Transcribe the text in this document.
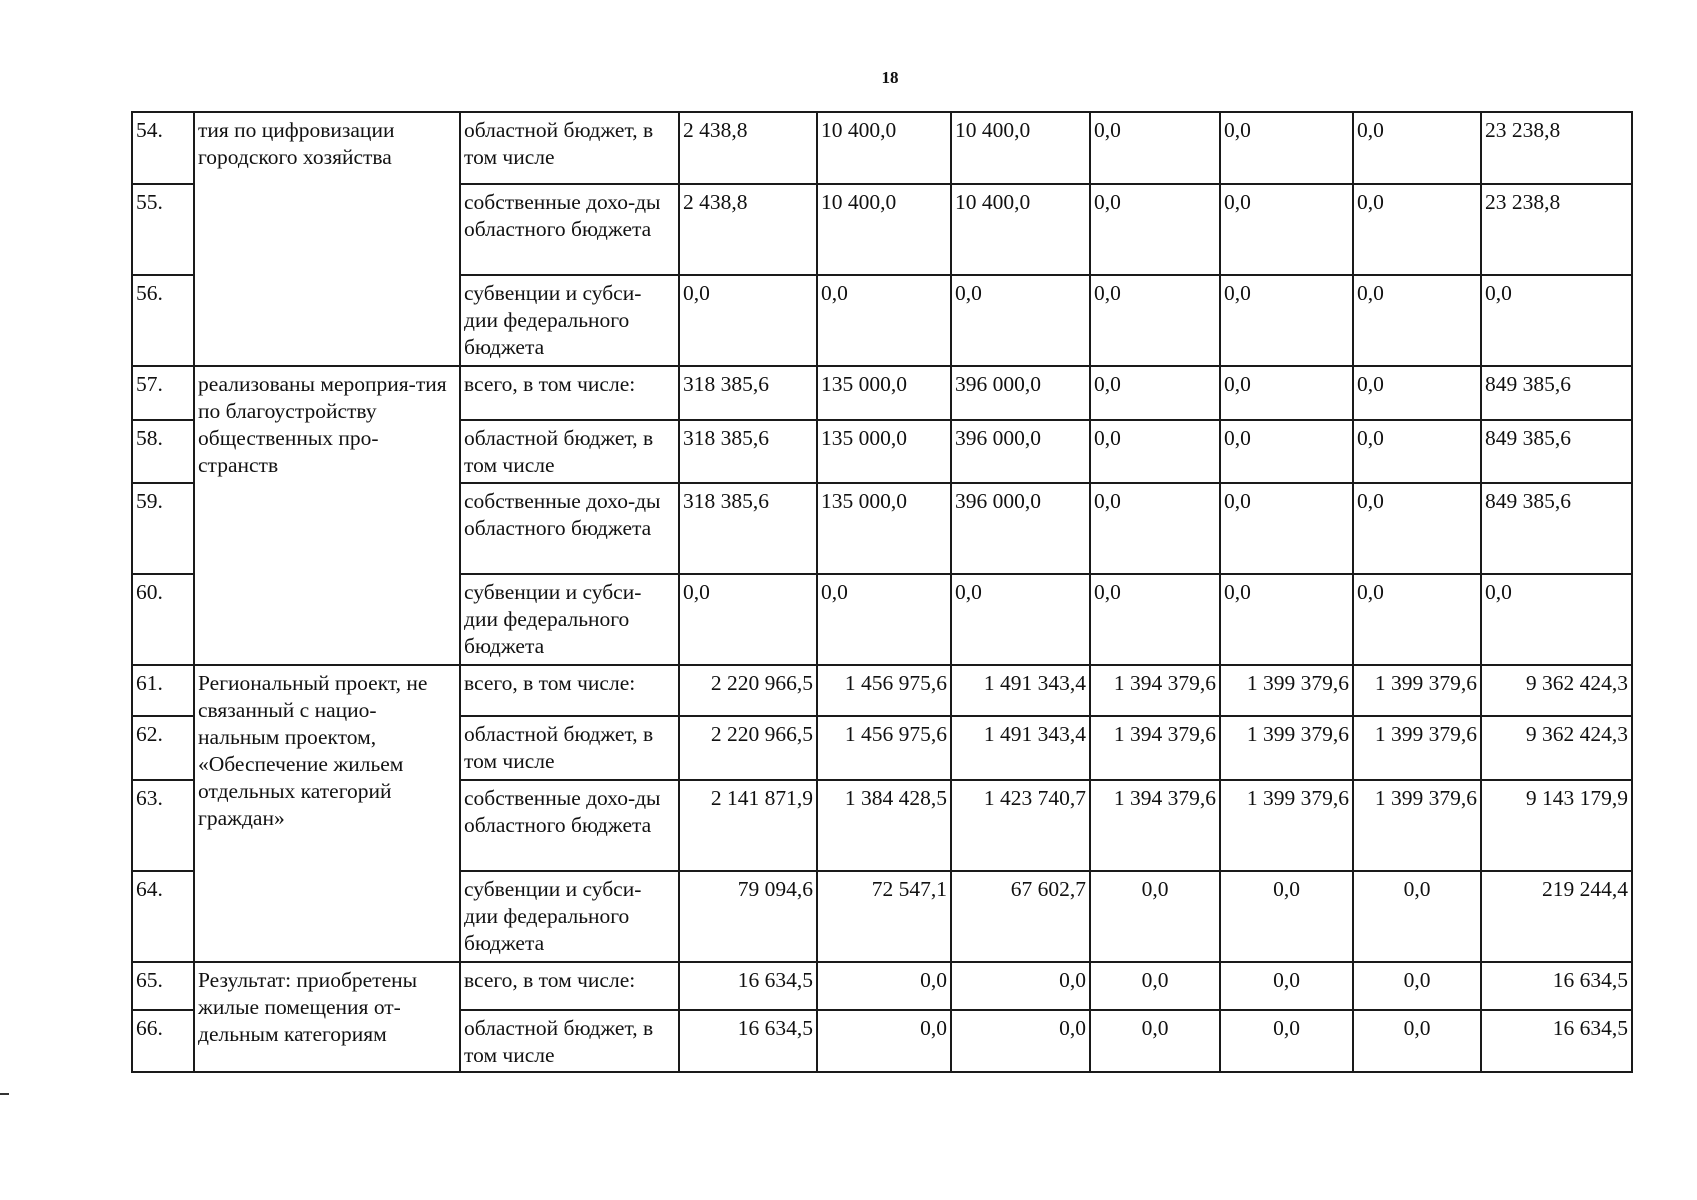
18
54.	тия по цифровизации городского хозяйства	областной бюджет, в том числе	2 438,8	10 400,0	10 400,0	0,0	0,0	0,0	23 238,8
55.		собственные дохо-ды областного бюджета	2 438,8	10 400,0	10 400,0	0,0	0,0	0,0	23 238,8
56.		субвенции и субси-дии федерального бюджета	0,0	0,0	0,0	0,0	0,0	0,0	0,0
57.	реализованы мероприя-тия по благоустройству общественных про-странств	всего, в том числе:	318 385,6	135 000,0	396 000,0	0,0	0,0	0,0	849 385,6
58.		областной бюджет, в том числе	318 385,6	135 000,0	396 000,0	0,0	0,0	0,0	849 385,6
59.		собственные дохо-ды областного бюджета	318 385,6	135 000,0	396 000,0	0,0	0,0	0,0	849 385,6
60.		субвенции и субси-дии федерального бюджета	0,0	0,0	0,0	0,0	0,0	0,0	0,0
61.	Региональный проект, не связанный с нацио-нальным проектом, «Обеспечение жильем отдельных категорий граждан»	всего, в том числе:	2 220 966,5	1 456 975,6	1 491 343,4	1 394 379,6	1 399 379,6	1 399 379,6	9 362 424,3
62.		областной бюджет, в том числе	2 220 966,5	1 456 975,6	1 491 343,4	1 394 379,6	1 399 379,6	1 399 379,6	9 362 424,3
63.		собственные дохо-ды областного бюджета	2 141 871,9	1 384 428,5	1 423 740,7	1 394 379,6	1 399 379,6	1 399 379,6	9 143 179,9
64.		субвенции и субси-дии федерального бюджета	79 094,6	72 547,1	67 602,7	0,0	0,0	0,0	219 244,4
65.	Результат: приобретены жилые помещения от-дельным категориям	всего, в том числе:	16 634,5	0,0	0,0	0,0	0,0	0,0	16 634,5
66.		областной бюджет, в том числе	16 634,5	0,0	0,0	0,0	0,0	0,0	16 634,5
